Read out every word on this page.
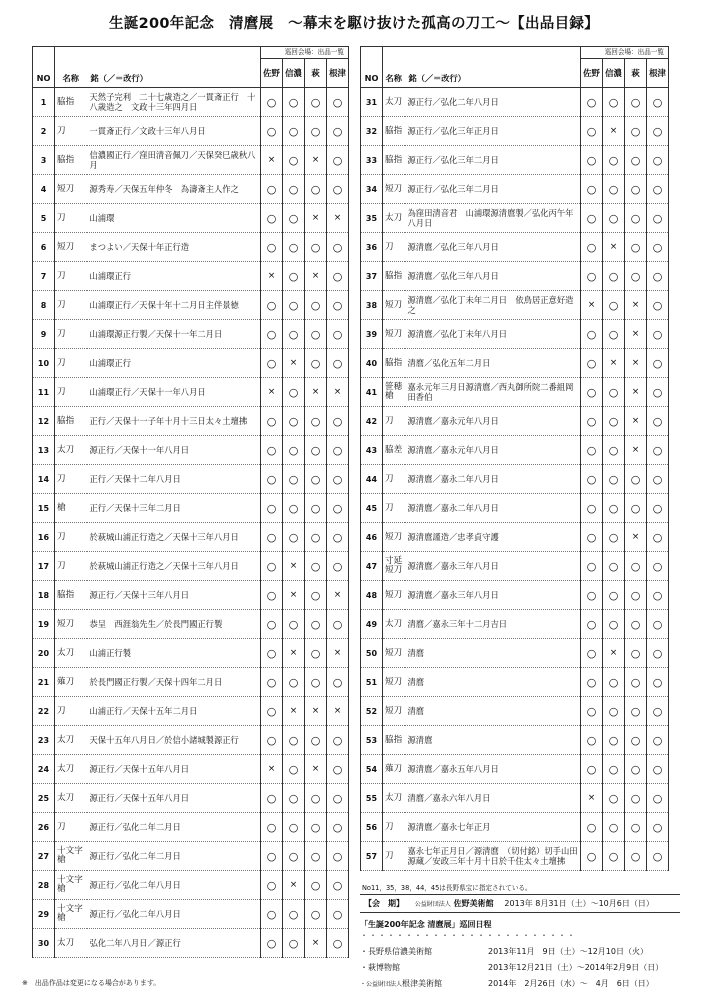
生誕200年記念　清麿展　～幕末を駆け抜けた孤高の刀工～【出品目録】
NO	名称	銘（／＝改行）	巡回会場：出品一覧			
			佐野	信濃	萩	根津
1	脇指	天然子完利　二十七歳造之／一貫斎正行　十八歳造之　文政十三年四月日	○	○	○	○
2	刀	一貫斎正行／文政十三年八月日	○	○	○	○
3	脇指	信濃國正行／窪田清音佩刀／天保癸巳歳秋八月	×	○	×	○
4	短刀	源秀寿／天保五年仲冬　為濤斎主人作之	○	○	○	○
5	刀	山浦環	○	○	×	×
6	短刀	まつよい／天保十年正行造	○	○	○	○
7	刀	山浦環正行	×	○	×	○
8	刀	山浦環正行／天保十年十二月日主伴景徳	○	○	○	○
9	刀	山浦環源正行製／天保十一年二月日	○	○	○	○
10	刀	山浦環正行	○	×	○	○
11	刀	山浦環正行／天保十一年八月日	×	○	×	×
12	脇指	正行／天保十一子年十月十三日太々土壇拂	○	○	○	○
13	太刀	源正行／天保十一年八月日	○	○	○	○
14	刀	正行／天保十二年八月日	○	○	○	○
15	槍	正行／天保十三年二月日	○	○	○	○
16	刀	於萩城山浦正行造之／天保十三年八月日	○	○	○	○
17	刀	於萩城山浦正行造之／天保十三年八月日	○	×	○	○
18	脇指	源正行／天保十三年八月日	○	×	○	×
19	短刀	恭呈　西涯翁先生／於長門國正行製	○	○	○	○
20	太刀	山浦正行製	○	×	○	×
21	薙刀	於長門國正行製／天保十四年二月日	○	○	○	○
22	刀	山浦正行／天保十五年二月日	○	×	×	×
23	太刀	天保十五年八月日／於信小諸城製源正行	○	○	○	○
24	太刀	源正行／天保十五年八月日	×	○	×	○
25	太刀	源正行／天保十五年八月日	○	○	○	○
26	刀	源正行／弘化二年二月日	○	○	○	○
27	十文字槍	源正行／弘化二年二月日	○	○	○	○
28	十文字槍	源正行／弘化二年八月日	○	×	○	○
29	十文字槍	源正行／弘化二年八月日	○	○	○	○
30	太刀	弘化二年八月日／源正行	○	○	×	○
NO	名称	銘（／＝改行）	巡回会場：出品一覧			
			佐野	信濃	萩	根津
31	太刀	源正行／弘化二年八月日	○	○	○	○
32	脇指	源正行／弘化三年正月日	○	×	○	○
33	脇指	源正行／弘化三年二月日	○	○	○	○
34	短刀	源正行／弘化三年二月日	○	○	○	○
35	太刀	為窪田清音君　山浦環源清麿製／弘化丙午年八月日	○	○	○	○
36	刀	源清麿／弘化三年八月日	○	×	○	○
37	脇指	源清麿／弘化三年八月日	○	○	○	○
38	短刀	源清麿／弘化丁未年二月日　依鳥居正意好造之	×	○	×	○
39	短刀	源清麿／弘化丁未年八月日	○	○	×	○
40	脇指	清麿／弘化五年二月日	○	×	×	○
41	笹穂槍	嘉永元年三月日源清麿／西丸御所院二番組岡田香伯	○	○	×	○
42	刀	源清麿／嘉永元年八月日	○	○	×	○
43	脇差	源清麿／嘉永元年八月日	○	○	×	○
44	刀	源清麿／嘉永二年八月日	○	○	○	○
45	刀	源清麿／嘉永二年八月日	○	○	○	○
46	短刀	源清麿謹造／忠孝貞守護	○	○	×	○
47	寸延短刀	源清麿／嘉永三年八月日	○	○	○	○
48	短刀	源清麿／嘉永三年八月日	○	○	○	○
49	太刀	清麿／嘉永三年十二月吉日	○	○	○	○
50	短刀	清麿	○	×	○	○
51	短刀	清麿	○	○	○	○
52	短刀	清麿	○	○	○	○
53	脇指	源清麿	○	○	○	○
54	薙刀	源清麿／嘉永五年八月日	○	○	○	○
55	太刀	清麿／嘉永六年八月日	×	○	○	○
56	刀	源清麿／嘉永七年正月	○	○	○	○
57	刀	嘉永七年正月日／源清麿　（切付銘）切手山田源蔵／安政三年十月十日於千住太々土壇拂	○	○	○	○
No11，35，38，44，45は長野県宝に指定されている。
【会　期】 公益財団法人 佐野美術館 2013年 8月31日（土）～10月6日（日）
「生誕200年記念 清麿展」巡回日程 ・・・・・・・・・・・・・・・・・・・・・・・・
・長野県信濃美術館	2013年11月　9日（土）～12月10日（火）
・萩博物館	2013年12月21日（土）～2014年2月9日（日）
・公益財団法人根津美術館	2014年　2月26日（水）～　4月　6日（日）
※　出品作品は変更になる場合があります。
